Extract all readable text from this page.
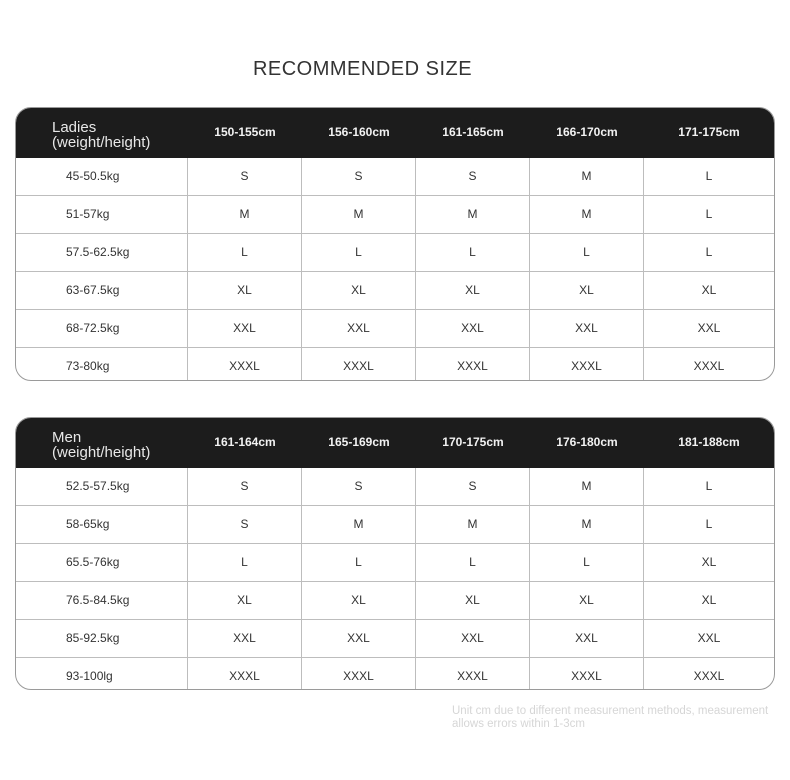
RECOMMENDED SIZE
Ladies
(weight/height)
150-155cm	156-160cm	161-165cm	166-170cm	171-175cm
45-50.5kg	S	S	S	M	L
51-57kg	M	M	M	M	L
57.5-62.5kg	L	L	L	L	L
63-67.5kg	XL	XL	XL	XL	XL
68-72.5kg	XXL	XXL	XXL	XXL	XXL
73-80kg	XXXL	XXXL	XXXL	XXXL	XXXL
Men
(weight/height)
161-164cm	165-169cm	170-175cm	176-180cm	181-188cm
52.5-57.5kg	S	S	S	M	L
58-65kg	S	M	M	M	L
65.5-76kg	L	L	L	L	XL
76.5-84.5kg	XL	XL	XL	XL	XL
85-92.5kg	XXL	XXL	XXL	XXL	XXL
93-100lg	XXXL	XXXL	XXXL	XXXL	XXXL
Unit cm due to different measurement methods, measurement allows errors within 1-3cm
